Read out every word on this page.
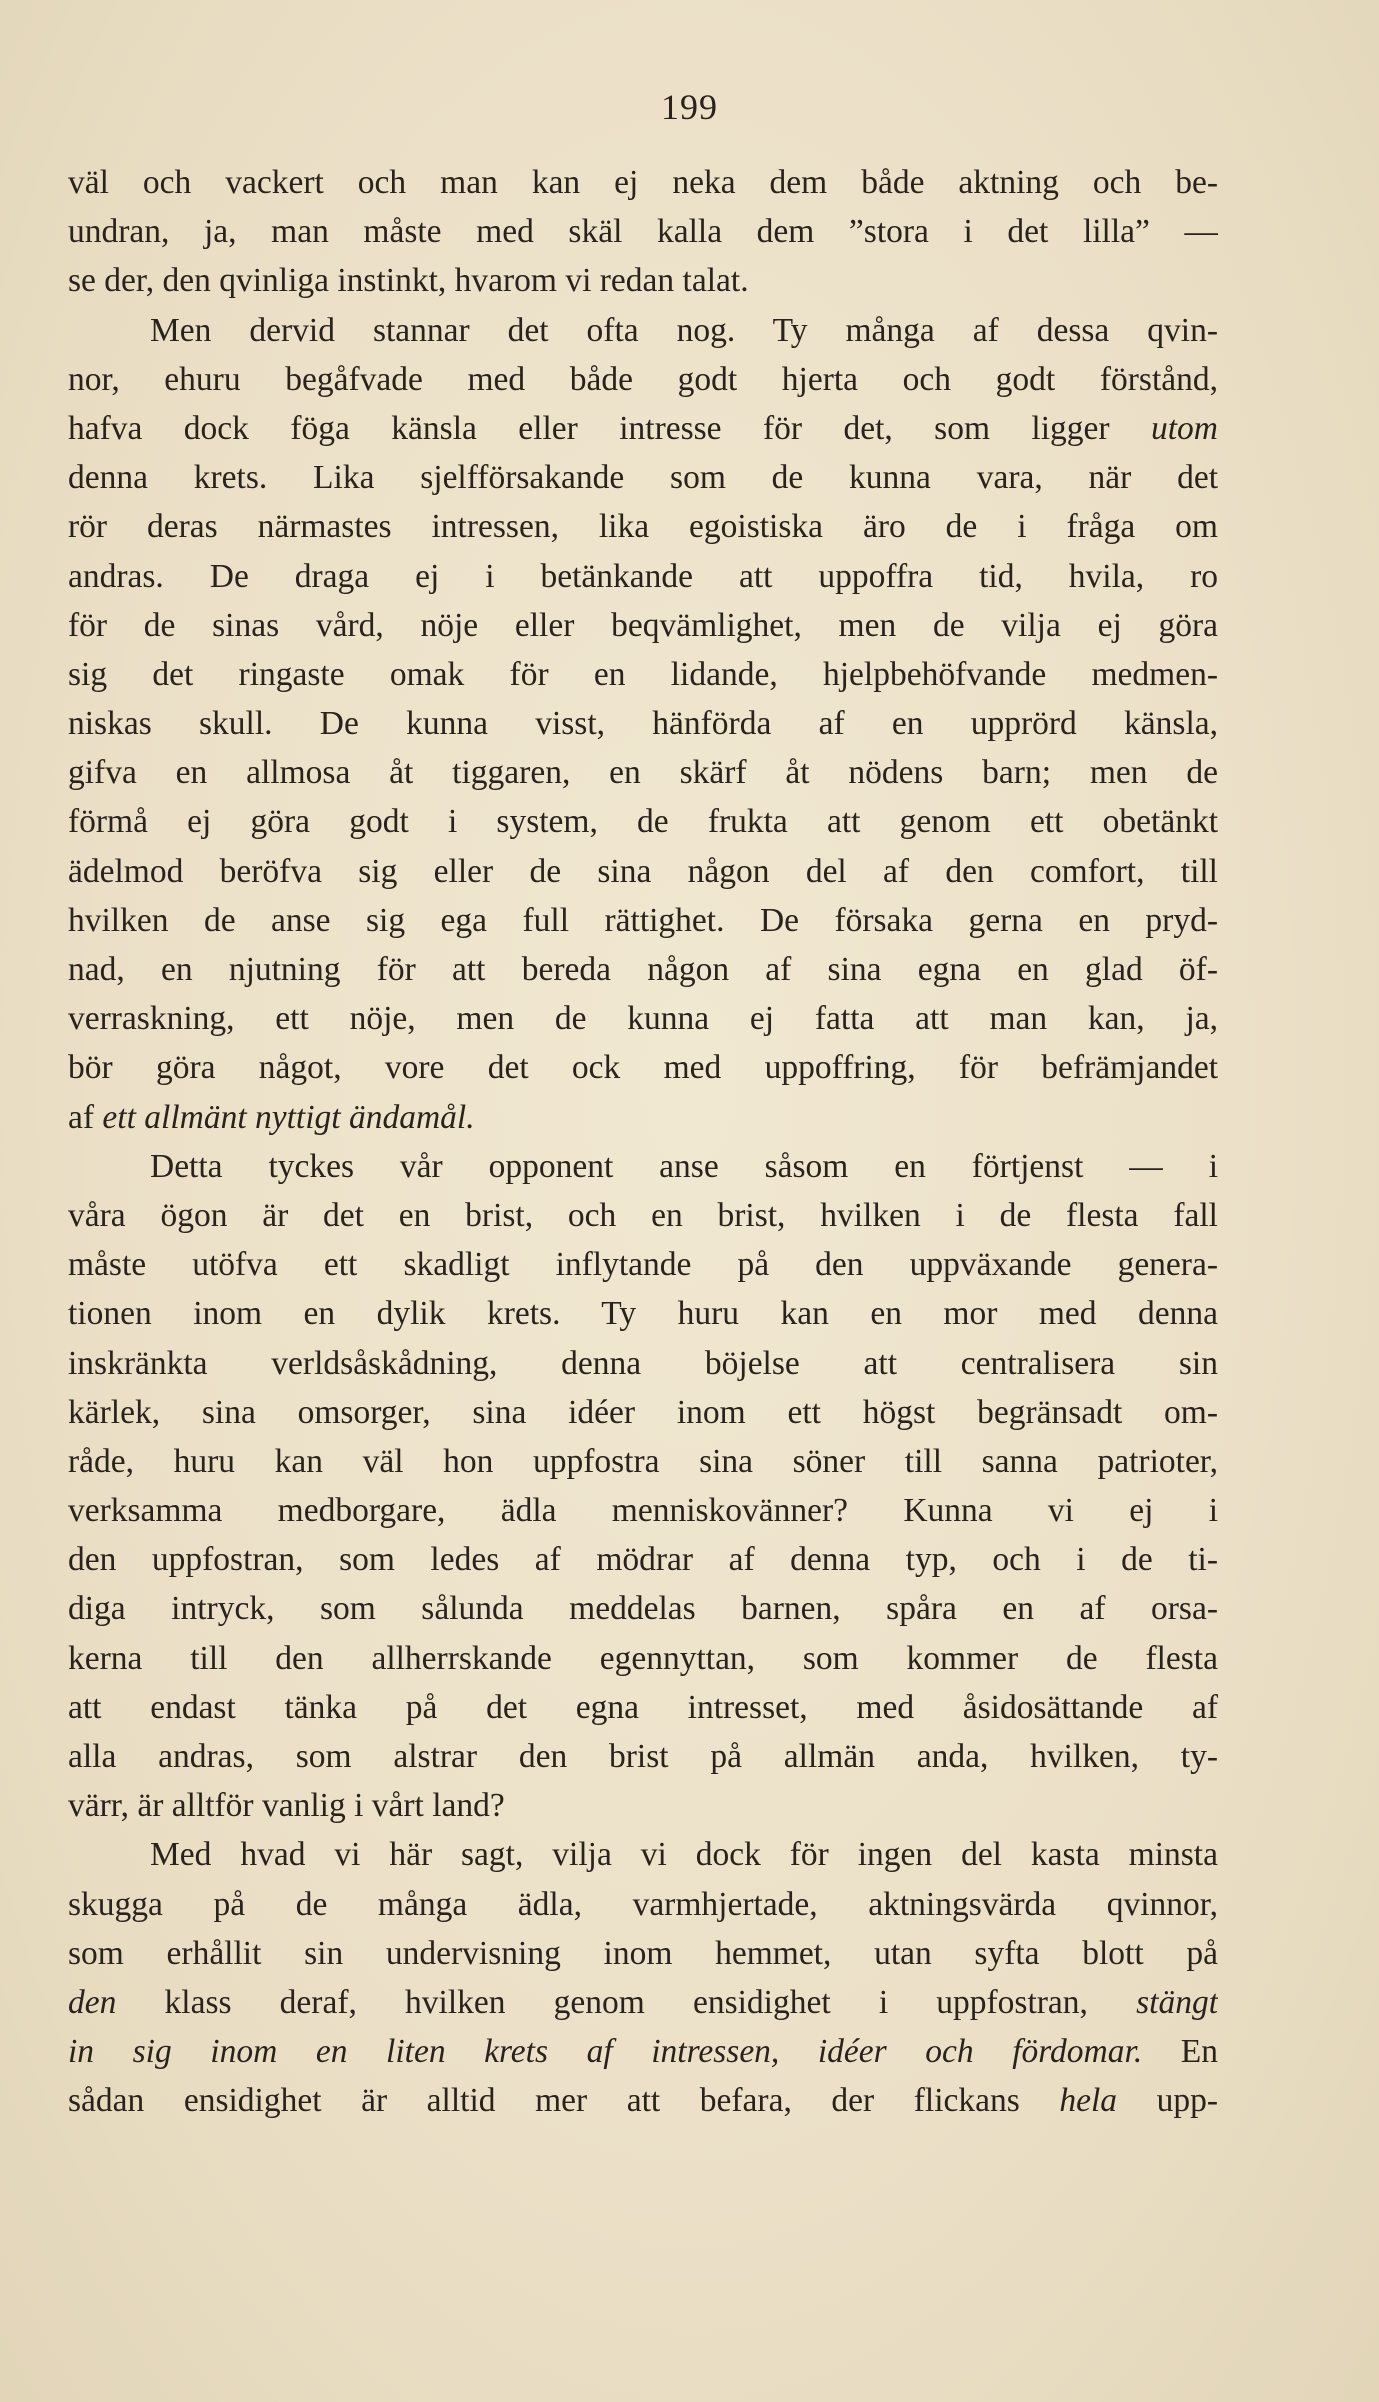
199
väl och vackert och man kan ej neka dem både aktning och be-
undran, ja, man måste med skäl kalla dem ”stora i det lilla” —
se der, den qvinliga instinkt, hvarom vi redan talat.
Men dervid stannar det ofta nog. Ty många af dessa qvin-
nor, ehuru begåfvade med både godt hjerta och godt förstånd,
hafva dock föga känsla eller intresse för det, som ligger utom
denna krets. Lika sjelfförsakande som de kunna vara, när det
rör deras närmastes intressen, lika egoistiska äro de i fråga om
andras. De draga ej i betänkande att uppoffra tid, hvila, ro
för de sinas vård, nöje eller beqvämlighet, men de vilja ej göra
sig det ringaste omak för en lidande, hjelpbehöfvande medmen-
niskas skull. De kunna visst, hänförda af en upprörd känsla,
gifva en allmosa åt tiggaren, en skärf åt nödens barn; men de
förmå ej göra godt i system, de frukta att genom ett obetänkt
ädelmod beröfva sig eller de sina någon del af den comfort, till
hvilken de anse sig ega full rättighet. De försaka gerna en pryd-
nad, en njutning för att bereda någon af sina egna en glad öf-
verraskning, ett nöje, men de kunna ej fatta att man kan, ja,
bör göra något, vore det ock med uppoffring, för befrämjandet
af ett allmänt nyttigt ändamål.
Detta tyckes vår opponent anse såsom en förtjenst — i
våra ögon är det en brist, och en brist, hvilken i de flesta fall
måste utöfva ett skadligt inflytande på den uppväxande genera-
tionen inom en dylik krets. Ty huru kan en mor med denna
inskränkta verldsåskådning, denna böjelse att centralisera sin
kärlek, sina omsorger, sina idéer inom ett högst begränsadt om-
råde, huru kan väl hon uppfostra sina söner till sanna patrioter,
verksamma medborgare, ädla menniskovänner? Kunna vi ej i
den uppfostran, som ledes af mödrar af denna typ, och i de ti-
diga intryck, som sålunda meddelas barnen, spåra en af orsa-
kerna till den allherrskande egennyttan, som kommer de flesta
att endast tänka på det egna intresset, med åsidosättande af
alla andras, som alstrar den brist på allmän anda, hvilken, ty-
värr, är alltför vanlig i vårt land?
Med hvad vi här sagt, vilja vi dock för ingen del kasta minsta
skugga på de många ädla, varmhjertade, aktningsvärda qvinnor,
som erhållit sin undervisning inom hemmet, utan syfta blott på
den klass deraf, hvilken genom ensidighet i uppfostran, stängt
in sig inom en liten krets af intressen, idéer och fördomar. En
sådan ensidighet är alltid mer att befara, der flickans hela upp-
